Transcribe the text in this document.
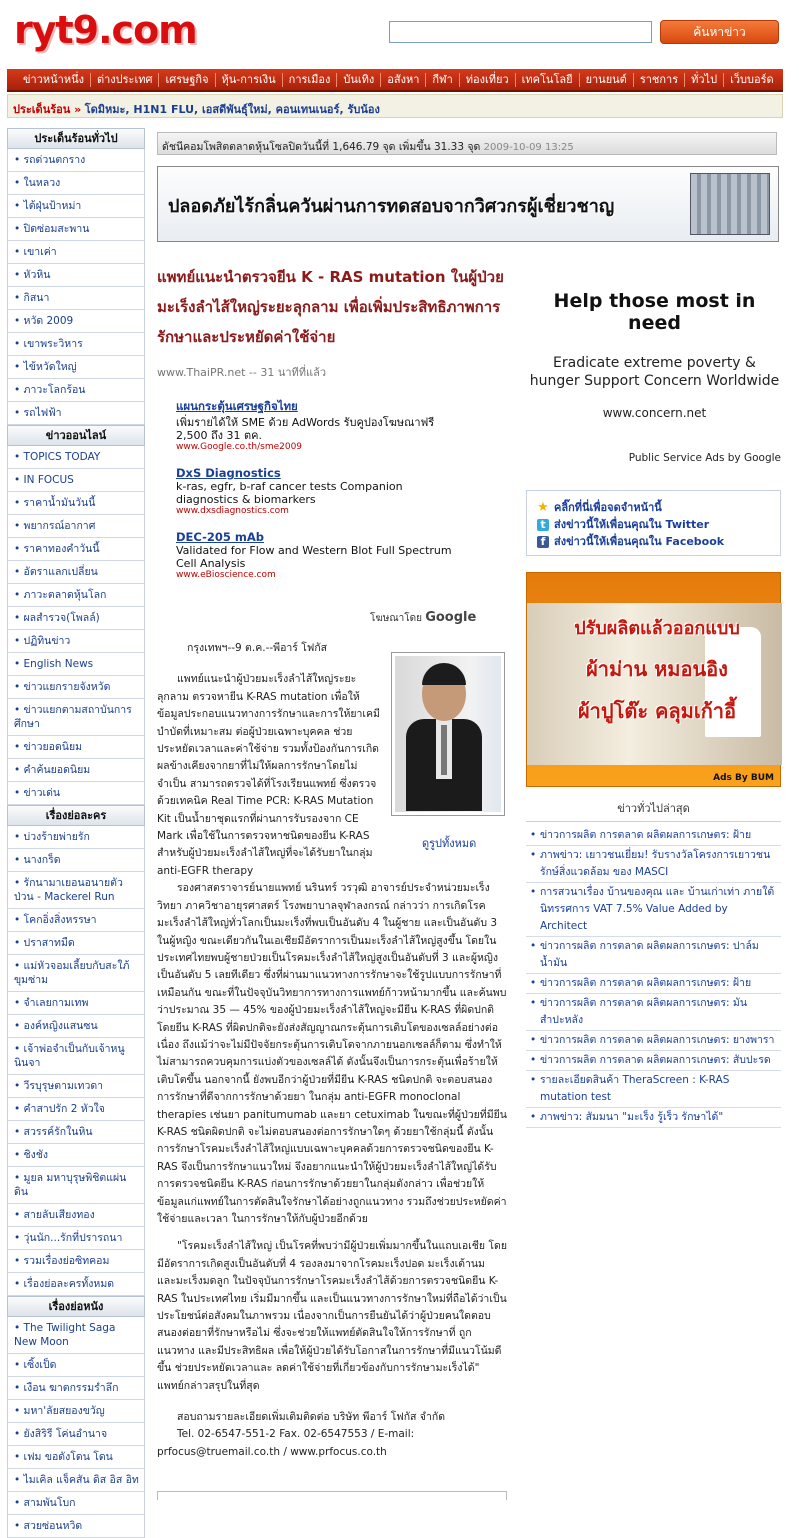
ryt9.com	ค้นหาข่าว
ข่าวหน้าหนึ่ง	ต่างประเทศ	เศรษฐกิจ	หุ้น-การเงิน	การเมือง	บันเทิง	อสังหา	กีฬา	ท่องเที่ยว	เทคโนโลยี	ยานยนต์	ราชการ	ทั่วไป	เว็บบอร์ด
ประเด็นร้อน » โดมิหมะ, H1N1 FLU, เอสดีพันธุ์ใหม่, คอนเทนเนอร์, รับน้อง
ประเด็นร้อนทั่วไป
• รถด่วนตกราง
• ในหลวง
• ไต้ฝุ่นป้าหม่า
• ปิดซ่อมสะพาน
• เขาเค่า
• หัวหิน
• กิสนา
• หวัด 2009
• เขาพระวิหาร
• ไข้หวัดใหญ่
• ภาวะโลกร้อน
• รถไฟฟ้า
ข่าวออนไลน์
• TOPICS TODAY
• IN FOCUS
• ราคาน้ำมันวันนี้
• พยากรณ์อากาศ
• ราคาทองคำวันนี้
• อัตราแลกเปลี่ยน
• ภาวะตลาดหุ้นโลก
• ผลสำรวจ(โพลล์)
• ปฏิทินข่าว
• English News
• ข่าวแยกรายจังหวัด
• ข่าวแยกตามสถาบันการศึกษา
• ข่าวยอดนิยม
• คำค้นยอดนิยม
• ข่าวเด่น
เรื่องย่อละคร
• บ่วงร้ายพ่ายรัก
• นางกร็ด
• รักนามาเยอนอนายตัวป่วน - Mackerel Run
• โคกอิ่งสิ่งหรรษา
• ปราสาทมืด
• แม่หัวจอมเลี้ยบกับสะใภ้ขุมซ่าม
• จำเลยกามเทพ
• องค์หญิงแสนซน
• เจ้าพ่อจำเป็นกับเจ้าหนูนินจา
• วีรบุรุษตามเทวดา
• คำสาปรัก 2 หัวใจ
• สวรรค์รักในหิน
• ชิงชัง
• มูยล มหาบุรุษพิชิตแผ่นดิน
• สายลับเสียงทอง
• วุ่นนัก...รักที่ปรารถนา
• รวมเรื่องย่อซิทคอม
• เรื่องย่อละครทั้งหมด
เรื่องย่อหนัง
• The Twilight Saga New Moon
• เซิ้งเป็ด
• เงือน ฆาตกรรมรำลึก
• มหา'ลัยสยองขวัญ
• ยังสิริรี โค่นอำนาจ
• เฟม ขอดังโดน โดน
• ไมเคิล แจ็คสัน ดิส อิส อิท
• สามพันโบก
• สวยซ่อนหวิด
ดัชนีคอมโพสิตตลาดหุ้นโซลปิดวันนี้ที่ 1,646.79 จุด เพิ่มขึ้น 31.33 จุด 2009-10-09 13:25
ปลอดภัยไร้กลิ่นควันผ่านการทดสอบจากวิศวกรผู้เชี่ยวชาญ
แพทย์แนะนำตรวจยีน K - RAS mutation ในผู้ป่วยมะเร็งลำไส้ใหญ่ระยะลุกลาม เพื่อเพิ่มประสิทธิภาพการรักษาและประหยัดค่าใช้จ่าย
www.ThaiPR.net -- 31 นาทีที่แล้ว
แผนกระตุ้นเศรษฐกิจไทย
เพิ่มรายได้ให้ SME ด้วย AdWords รับคูปองโฆษณาฟรี 2,500 ถึง 31 ตค.
www.Google.co.th/sme2009
DxS Diagnostics
k-ras, egfr, b-raf cancer tests Companion diagnostics & biomarkers
www.dxsdiagnostics.com
DEC-205 mAb
Validated for Flow and Western Blot Full Spectrum Cell Analysis
www.eBioscience.com
โฆษณาโดย Google

กรุงเทพฯ--9 ต.ค.--พีอาร์ โฟกัส

แพทย์แนะนำผู้ป่วยมะเร็งลำไส้ใหญ่ระยะลุกลาม ตรวจหายีน K-RAS mutation เพื่อให้ข้อมูลประกอบแนวทางการรักษาและการให้ยาเคมีบำบัดที่เหมาะสม ต่อผู้ป่วยเฉพาะบุคคล ช่วยประหยัดเวลาและค่าใช้จ่าย รวมทั้งป้องกันการเกิดผลข้างเคียงจากยาที่ไม่ให้ผลการรักษาโดยไม่จำเป็น สามารถตรวจได้ที่โรงเรียนแพทย์ ซึ่งตรวจด้วยเทคนิค Real Time PCR: K-RAS Mutation Kit เป็นน้ำยาชุดแรกที่ผ่านการรับรองจาก CE Mark เพื่อใช้ในการตรวจหาชนิดของยีน K-RAS สำหรับผู้ป่วยมะเร็งลำไส้ใหญ่ที่จะได้รับยาในกลุ่ม anti-EGFR therapy

รองศาสตราจารย์นายแพทย์ นรินทร์ วรวุฒิ อาจารย์ประจำหน่วยมะเร็งวิทยา ภาควิชาอายุรศาสตร์ โรงพยาบาลจุฬาลงกรณ์ กล่าวว่า การเกิดโรคมะเร็งลำไส้ใหญ่ทั่วโลกเป็นมะเร็งที่พบเป็นอันดับ 4 ในผู้ชาย และเป็นอันดับ 3 ในผู้หญิง ขณะเดียวกันในเอเชียมีอัตราการเป็นมะเร็งลำไส้ใหญ่สูงขึ้น โดยในประเทศไทยพบผู้ชายป่วยเป็นโรคมะเร็งลำไส้ใหญ่สูงเป็นอันดับที่ 3 และผู้หญิงเป็นอันดับ 5 เลยทีเดียว ซึ่งที่ผ่านมาแนวทางการรักษาจะใช้รูปแบบการรักษาที่เหมือนกัน ขณะที่ในปัจจุบันวิทยาการทางการแพทย์ก้าวหน้ามากขึ้น และค้นพบว่าประมาณ 35 — 45% ของผู้ป่วยมะเร็งลำไส้ใหญ่จะมียีน K-RAS ที่ผิดปกติ โดยยีน K-RAS ที่ผิดปกติจะยังส่งสัญญาณกระตุ้นการเติบโตของเซลล์อย่างต่อเนื่อง ถึงแม้ว่าจะไม่มีปัจจัยกระตุ้นการเติบโตจากภายนอกเซลล์ก็ตาม ซึ่งทำให้ไม่สามารถควบคุมการแบ่งตัวของเซลล์ได้ ดังนั้นจึงเป็นการกระตุ้นเพื่อร้ายให้เติบโตขึ้น นอกจากนี้ ยังพบอีกว่าผู้ป่วยที่มียีน K-RAS ชนิดปกติ จะตอบสนองการรักษาที่ดีจากการรักษาด้วยยา ในกลุ่ม anti-EGFR monoclonal therapies เช่นยา panitumumab และยา cetuximab ในขณะที่ผู้ป่วยที่มียีน K-RAS ชนิดผิดปกติ จะไม่ตอบสนองต่อการรักษาใดๆ ด้วยยาใช้กลุ่มนี้ ดังนั้น การรักษาโรคมะเร็งลำไส้ใหญ่แบบเฉพาะบุคคลด้วยการตรวจชนิดของยีน K-RAS จึงเป็นการรักษาแนวใหม่ จึงอยากแนะนำให้ผู้ป่วยมะเร็งลำไส้ใหญ่ได้รับการตรวจชนิดยีน K-RAS ก่อนการรักษาด้วยยาในกลุ่มดังกล่าว เพื่อช่วยให้ข้อมูลแก่แพทย์ในการตัดสินใจรักษาได้อย่างถูกแนวทาง รวมถึงช่วยประหยัดค่าใช้จ่ายและเวลา ในการรักษาให้กับผู้ป่วยอีกด้วย

"โรคมะเร็งลำไส้ใหญ่ เป็นโรคที่พบว่ามีผู้ป่วยเพิ่มมากขึ้นในแถบเอเชีย โดยมีอัตราการเกิดสูงเป็นอันดับที่ 4 รองลงมาจากโรคมะเร็งปอด มะเร็งเต้านม และมะเร็งมดลูก ในปัจจุบันการรักษาโรคมะเร็งลำไส้ด้วยการตรวจชนิดยีน K-RAS ในประเทศไทย เริ่มมีมากขึ้น และเป็นแนวทางการรักษาใหม่ที่ถือได้ว่าเป็นประโยชน์ต่อสังคมในภาพรวม เนื่องจากเป็นการยืนยันได้ว่าผู้ป่วยคนใดตอบสนองต่อยาที่รักษาหรือไม่ ซึ่งจะช่วยให้แพทย์ตัดสินใจให้การรักษาที่ ถูกแนวทาง และมีประสิทธิผล เพื่อให้ผู้ป่วยได้รับโอกาสในการรักษาที่มีแนวโน้มดีขึ้น ช่วยประหยัดเวลาและ ลดค่าใช้จ่ายที่เกี่ยวข้องกับการรักษามะเร็งได้" แพทย์กล่าวสรุปในที่สุด

สอบถามรายละเอียดเพิ่มเติมติดต่อ บริษัท พีอาร์ โฟกัส จำกัด

Tel. 02-6547-551-2 Fax. 02-6547553 / E-mail:

prfocus@truemail.co.th / www.prfocus.co.th

ดูรูปทั้งหมด
Help those most in need
Eradicate extreme poverty & hunger Support Concern Worldwide
www.concern.net
Public Service Ads by Google
★ คลิ๊กที่นี่เพื่อจดจำหน้านี้
t ส่งข่าวนี้ให้เพื่อนคุณใน Twitter
f ส่งข่าวนี้ให้เพื่อนคุณใน Facebook
ปรับผลิตแล้วออกแบบ
ผ้าม่าน หมอนอิง
ผ้าปูโต๊ะ คลุมเก้าอี้
Ads By BUM
ข่าวทั่วไปล่าสุด
• ข่าวการผลิต การตลาด ผลิตผลการเกษตร: ฝ้าย
• ภาพข่าว: เยาวชนเยี่ยม! รับรางวัลโครงการเยาวชนรักษ์สิ่งแวดล้อม ของ MASCI
• การสวนาเรื่อง บ้านของคุณ และ บ้านเก่าเท่า ภายใต้นิทรรศการ VAT 7.5% Value Added by Architect
• ข่าวการผลิต การตลาด ผลิตผลการเกษตร: ปาล์มน้ำมัน
• ข่าวการผลิต การตลาด ผลิตผลการเกษตร: ฝ้าย
• ข่าวการผลิต การตลาด ผลิตผลการเกษตร: มันสำปะหลัง
• ข่าวการผลิต การตลาด ผลิตผลการเกษตร: ยางพารา
• ข่าวการผลิต การตลาด ผลิตผลการเกษตร: สับปะรด
• รายละเอียดสินค้า TheraScreen : K-RAS mutation test
• ภาพข่าว: สัมมนา "มะเร็ง รู้เร็ว รักษาได้"
